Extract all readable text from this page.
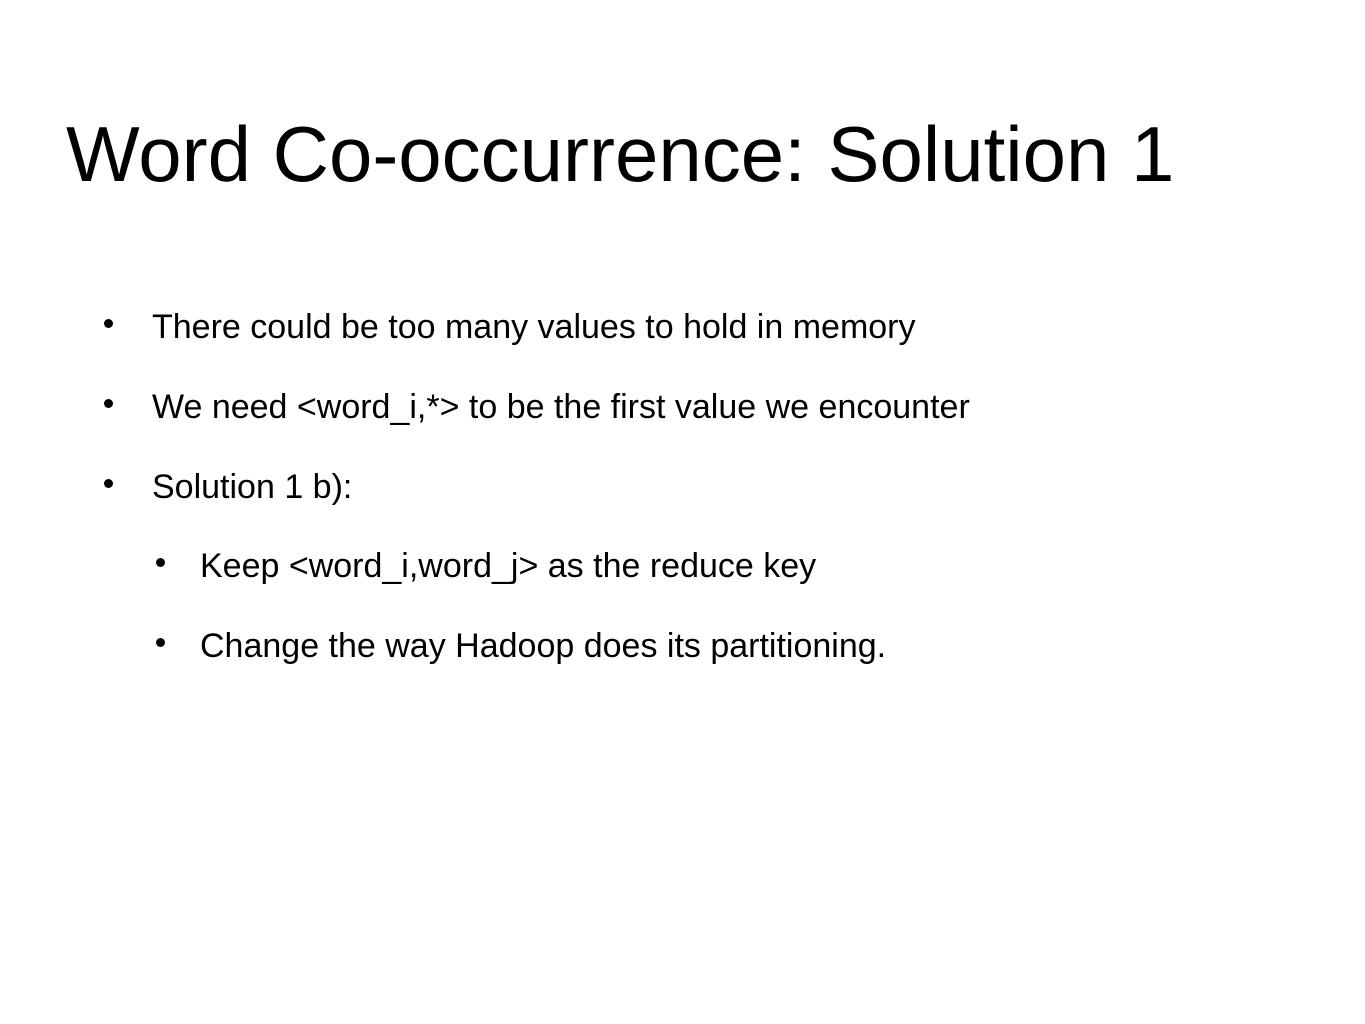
Word Co-occurrence: Solution 1
There could be too many values to hold in memory
We need <word_i,*> to be the first value we encounter
Solution 1 b):
Keep <word_i,word_j> as the reduce key
Change the way Hadoop does its partitioning.
